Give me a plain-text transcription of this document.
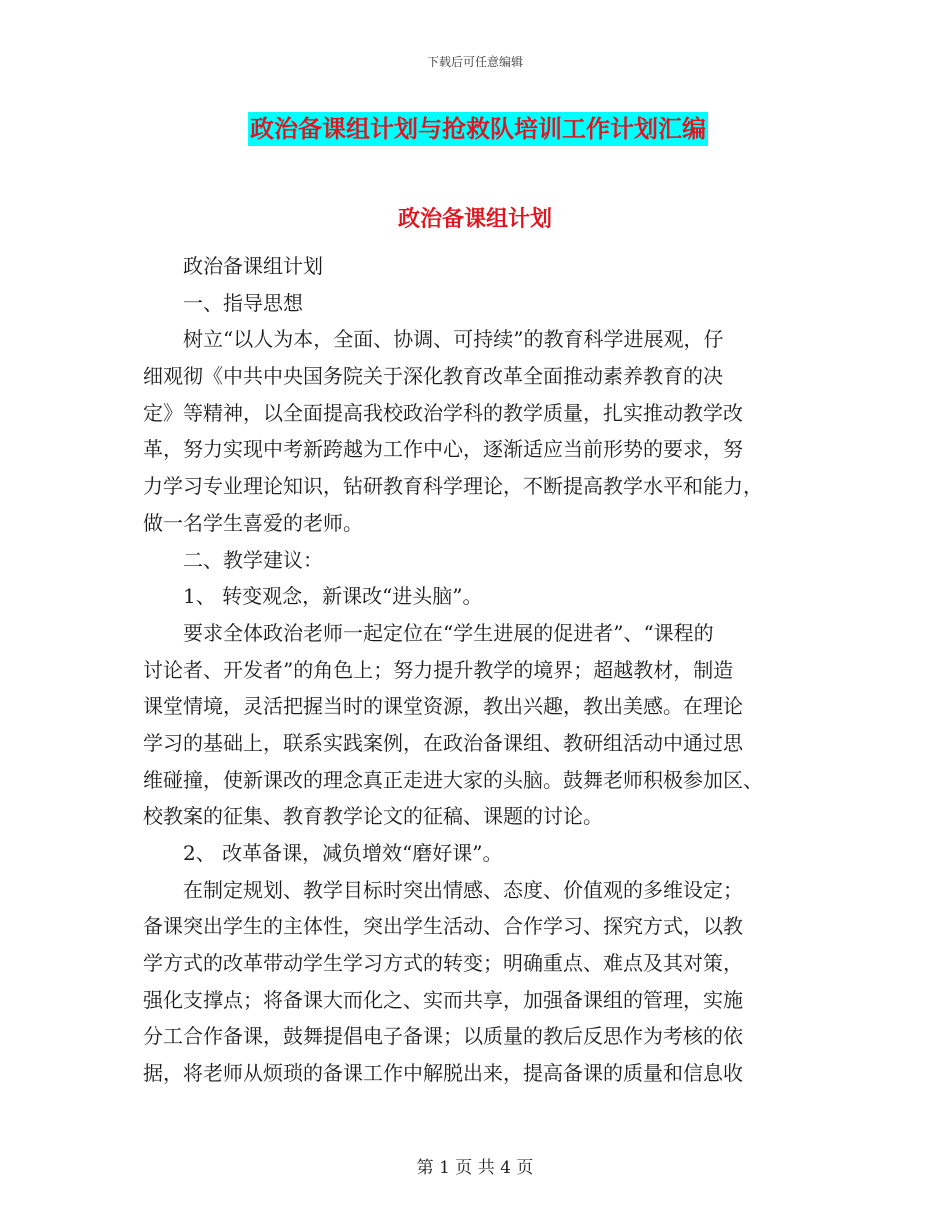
下载后可任意编辑
政治备课组计划与抢救队培训工作计划汇编
政治备课组计划
政治备课组计划
一、指导思想
树立“以人为本，全面、协调、可持续”的教育科学进展观，仔
细观彻《中共中央国务院关于深化教育改革全面推动素养教育的决
定》等精神，以全面提高我校政治学科的教学质量，扎实推动教学改
革，努力实现中考新跨越为工作中心，逐渐适应当前形势的要求，努
力学习专业理论知识，钻研教育科学理论，不断提高教学水平和能力，
做一名学生喜爱的老师。
二、教学建议：
1、 转变观念，新课改“进头脑”。
要求全体政治老师一起定位在“学生进展的促进者”、“课程的
讨论者、开发者”的角色上；努力提升教学的境界；超越教材，制造
课堂情境，灵活把握当时的课堂资源，教出兴趣，教出美感。在理论
学习的基础上，联系实践案例，在政治备课组、教研组活动中通过思
维碰撞，使新课改的理念真正走进大家的头脑。鼓舞老师积极参加区、
校教案的征集、教育教学论文的征稿、课题的讨论。
2、 改革备课，减负增效“磨好课”。
在制定规划、教学目标时突出情感、态度、价值观的多维设定；
备课突出学生的主体性，突出学生活动、合作学习、探究方式，以教
学方式的改革带动学生学习方式的转变；明确重点、难点及其对策，
强化支撑点；将备课大而化之、实而共享，加强备课组的管理，实施
分工合作备课，鼓舞提倡电子备课；以质量的教后反思作为考核的依
据，将老师从烦琐的备课工作中解脱出来，提高备课的质量和信息收
第 1 页 共 4 页
